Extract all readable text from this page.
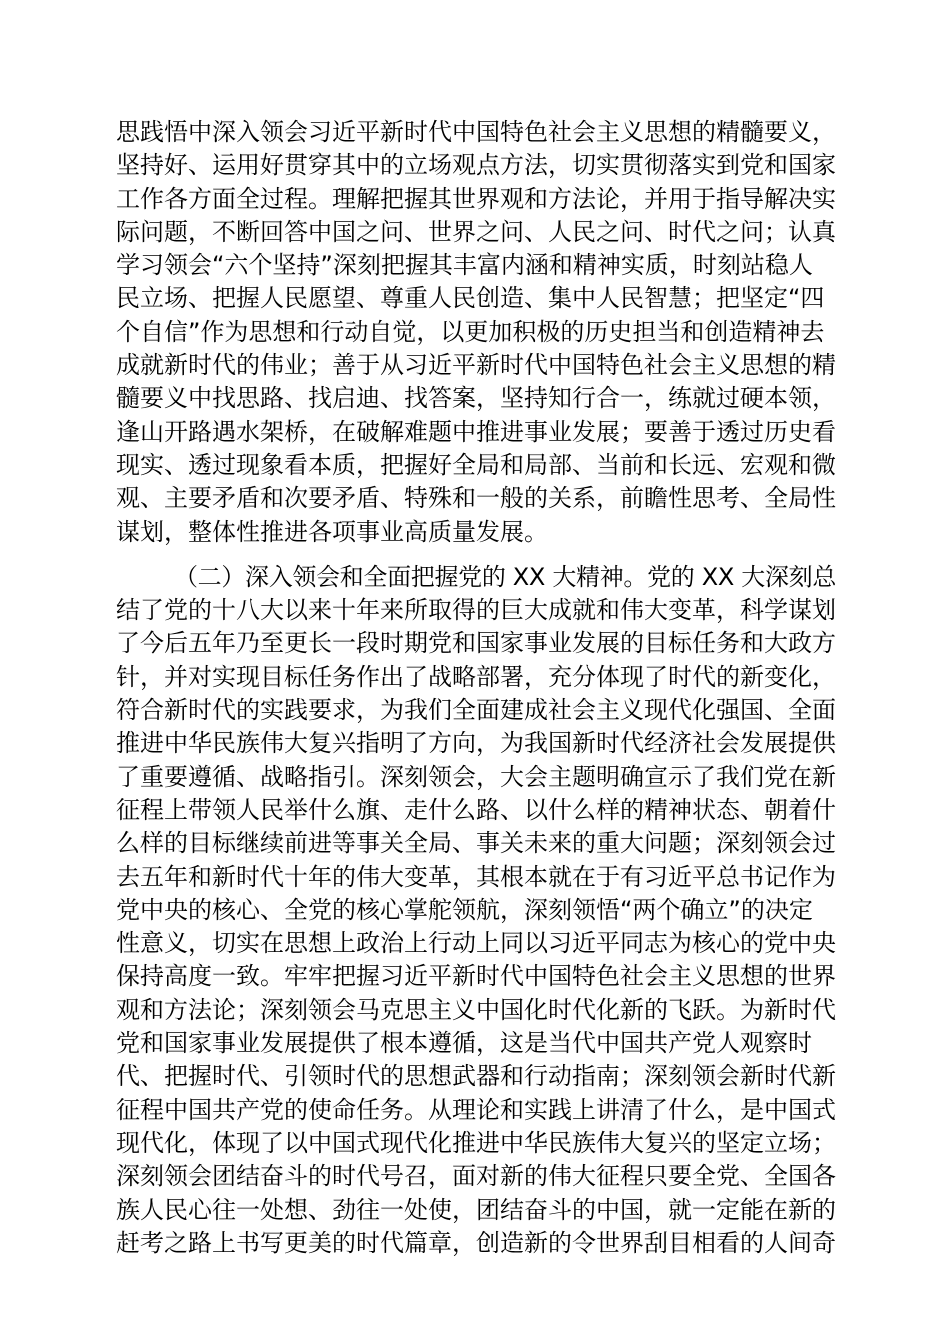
思践悟中深入领会习近平新时代中国特色社会主义思想的精髓要义，
坚持好、运用好贯穿其中的立场观点方法，切实贯彻落实到党和国家
工作各方面全过程。理解把握其世界观和方法论，并用于指导解决实
际问题，不断回答中国之问、世界之问、人民之问、时代之问；认真
学习领会“六个坚持”深刻把握其丰富内涵和精神实质，时刻站稳人
民立场、把握人民愿望、尊重人民创造、集中人民智慧；把坚定“四
个自信”作为思想和行动自觉，以更加积极的历史担当和创造精神去
成就新时代的伟业；善于从习近平新时代中国特色社会主义思想的精
髓要义中找思路、找启迪、找答案，坚持知行合一，练就过硬本领，
逢山开路遇水架桥，在破解难题中推进事业发展；要善于透过历史看
现实、透过现象看本质，把握好全局和局部、当前和长远、宏观和微
观、主要矛盾和次要矛盾、特殊和一般的关系，前瞻性思考、全局性
谋划，整体性推进各项事业高质量发展。
（二）深入领会和全面把握党的 XX 大精神。党的 XX 大深刻总
结了党的十八大以来十年来所取得的巨大成就和伟大变革，科学谋划
了今后五年乃至更长一段时期党和国家事业发展的目标任务和大政方
针，并对实现目标任务作出了战略部署，充分体现了时代的新变化，
符合新时代的实践要求，为我们全面建成社会主义现代化强国、全面
推进中华民族伟大复兴指明了方向，为我国新时代经济社会发展提供
了重要遵循、战略指引。深刻领会，大会主题明确宣示了我们党在新
征程上带领人民举什么旗、走什么路、以什么样的精神状态、朝着什
么样的目标继续前进等事关全局、事关未来的重大问题；深刻领会过
去五年和新时代十年的伟大变革，其根本就在于有习近平总书记作为
党中央的核心、全党的核心掌舵领航，深刻领悟“两个确立”的决定
性意义，切实在思想上政治上行动上同以习近平同志为核心的党中央
保持高度一致。牢牢把握习近平新时代中国特色社会主义思想的世界
观和方法论；深刻领会马克思主义中国化时代化新的飞跃。为新时代
党和国家事业发展提供了根本遵循，这是当代中国共产党人观察时
代、把握时代、引领时代的思想武器和行动指南；深刻领会新时代新
征程中国共产党的使命任务。从理论和实践上讲清了什么，是中国式
现代化，体现了以中国式现代化推进中华民族伟大复兴的坚定立场；
深刻领会团结奋斗的时代号召，面对新的伟大征程只要全党、全国各
族人民心往一处想、劲往一处使，团结奋斗的中国，就一定能在新的
赶考之路上书写更美的时代篇章，创造新的令世界刮目相看的人间奇
